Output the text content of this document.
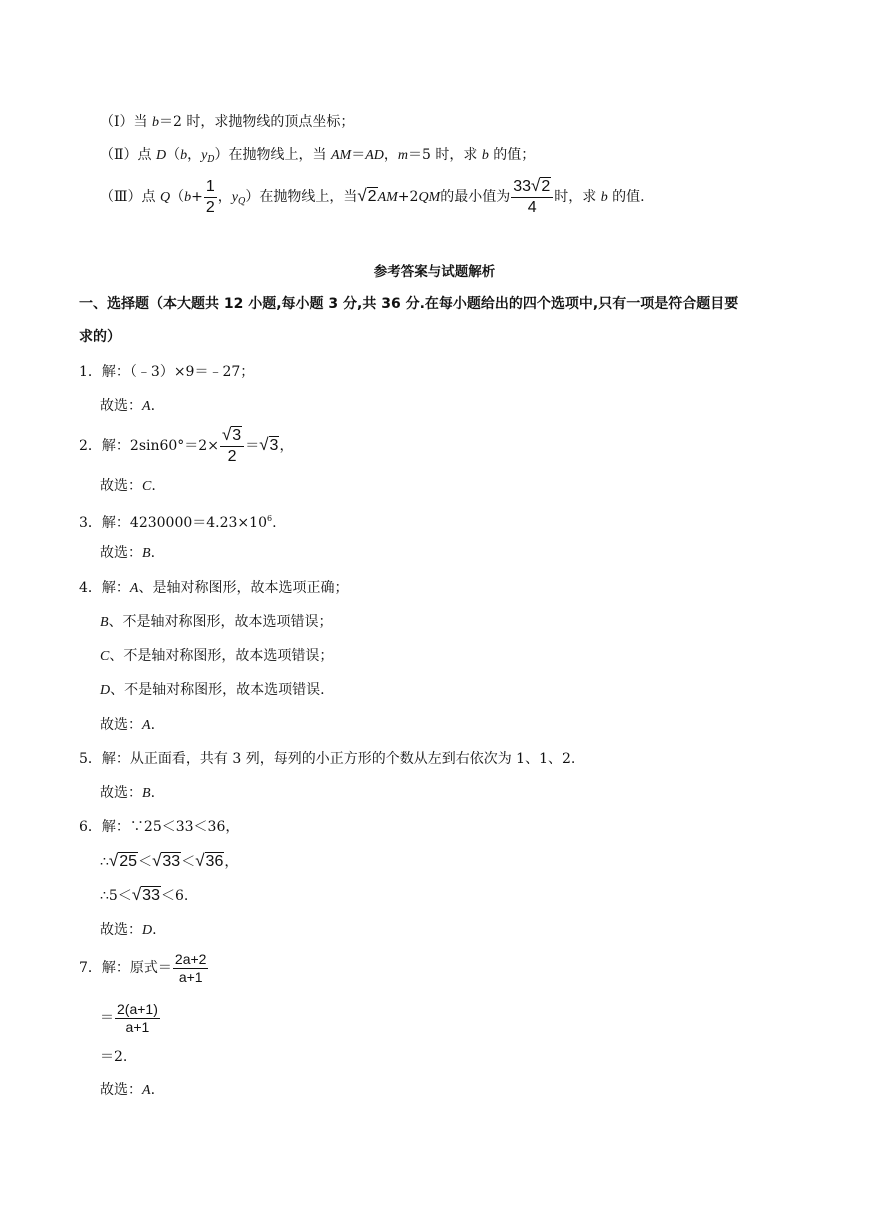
（Ⅰ）当 b＝2 时，求抛物线的顶点坐标；
（Ⅱ）点 D（b，$y_D$）在抛物线上，当 AM＝AD，m＝5 时，求 b 的值；
（Ⅲ）点 $Q(b+ \frac{1}{2}$ ，$y_Q$）在抛物线上，当√2AM+2QM的最小值为 $\frac{33√2}{4}$ 时，求 b 的值.
参考答案与试题解析
一、选择题（本大题共 12 小题,每小题 3 分,共 36 分.在每小题给出的四个选项中,只有一项是符合题目要
求的）
1．解：（﹣3）×9＝﹣27；
故选：A.
2．解：$2\sin 60^\circ=2\times \frac{√3}{2} =√3$，
故选：C.
3．解：$4230000=4.23\times 10^6$.
故选：B.
4．解：A、是轴对称图形，故本选项正确；
B、不是轴对称图形，故本选项错误；
C、不是轴对称图形，故本选项错误；
D、不是轴对称图形，故本选项错误.
故选：A.
5．解：从正面看，共有 3 列，每列的小正方形的个数从左到右依次为 1、1、2.
故选：B.
6．解：∵25＜33＜36，
∴√25＜√33＜√36，
∴5＜√33＜6.
故选：D.
7．解：原式＝ $\frac{2a+2}{a+1}$
＝ $\frac{2(a+1)}{a+1}$
＝2.
故选：A.
